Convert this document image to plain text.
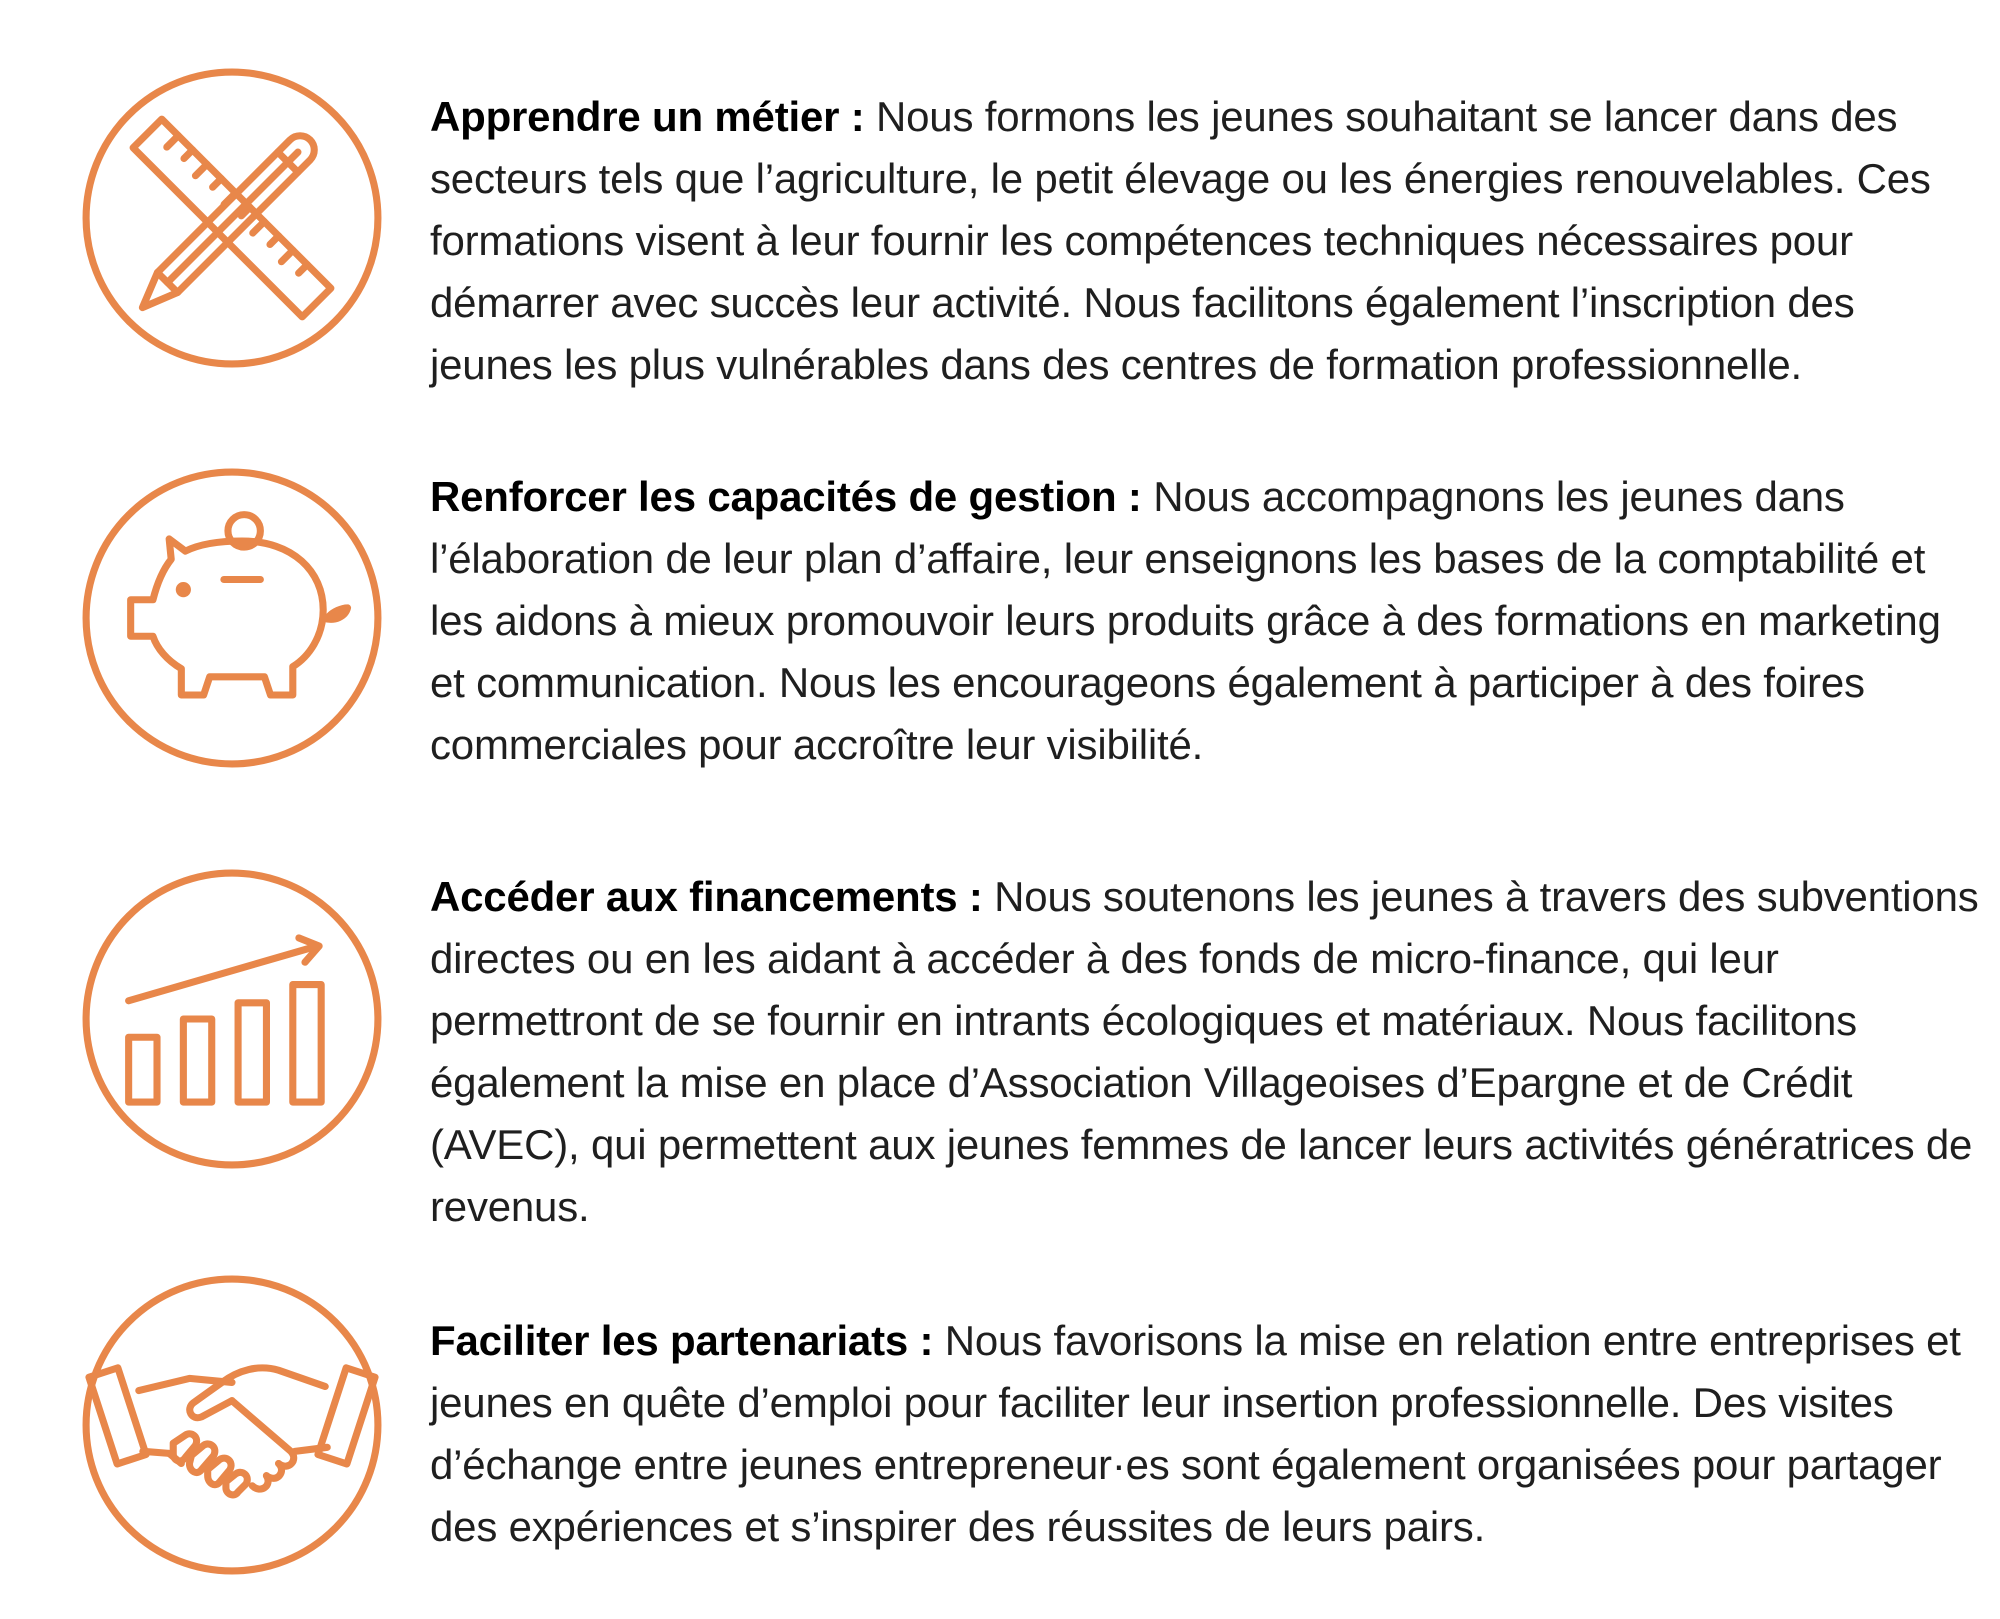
Apprendre un métier : Nous formons les jeunes souhaitant se lancer dans des secteurs tels que l’agriculture, le petit élevage ou les énergies renouvelables. Ces formations visent à leur fournir les compétences techniques nécessaires pour démarrer avec succès leur activité. Nous facilitons également l’inscription des jeunes les plus vulnérables dans des centres de formation professionnelle.

Renforcer les capacités de gestion : Nous accompagnons les jeunes dans l’élaboration de leur plan d’affaire, leur enseignons les bases de la comptabilité et les aidons à mieux promouvoir leurs produits grâce à des formations en marketing et communication. Nous les encourageons également à participer à des foires commerciales pour accroître leur visibilité.

Accéder aux financements : Nous soutenons les jeunes à travers des subventions directes ou en les aidant à accéder à des fonds de micro-finance, qui leur permettront de se fournir en intrants écologiques et matériaux. Nous facilitons également la mise en place d’Association Villageoises d’Epargne et de Crédit (AVEC), qui permettent aux jeunes femmes de lancer leurs activités génératrices de revenus.

Faciliter les partenariats : Nous favorisons la mise en relation entre entreprises et jeunes en quête d’emploi pour faciliter leur insertion professionnelle. Des visites d’échange entre jeunes entrepreneur·es sont également organisées pour partager des expériences et s’inspirer des réussites de leurs pairs.
